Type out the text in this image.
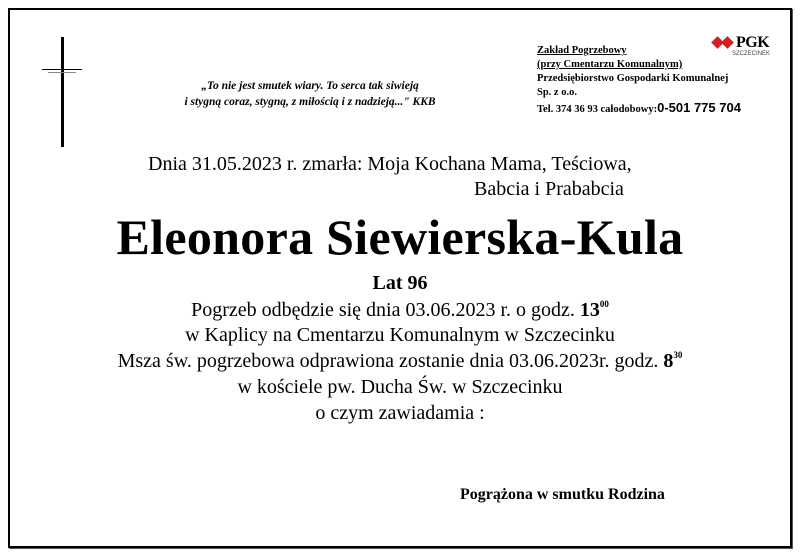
„To nie jest smutek wiary. To serca tak siwieją
i stygną coraz, stygną, z miłością i z nadzieją..." KKB
PGK
SZCZECINEK
Zakład Pogrzebowy
(przy Cmentarzu Komunalnym)
Przedsiębiorstwo Gospodarki Komunalnej
Sp. z o.o.
Tel. 374 36 93 całodobowy:0-501 775 704
Dnia 31.05.2023 r. zmarła: Moja Kochana Mama, Teściowa,
Babcia i Prababcia
Eleonora Siewierska-Kula
Lat 96
Pogrzeb odbędzie się dnia 03.06.2023 r. o godz. $13^{00}$
w Kaplicy na Cmentarzu Komunalnym w Szczecinku
Msza św. pogrzebowa odprawiona zostanie dnia 03.06.2023r. godz. $8^{30}$
w kościele pw. Ducha Św. w Szczecinku
o czym zawiadamia :
Pogrążona w smutku Rodzina
